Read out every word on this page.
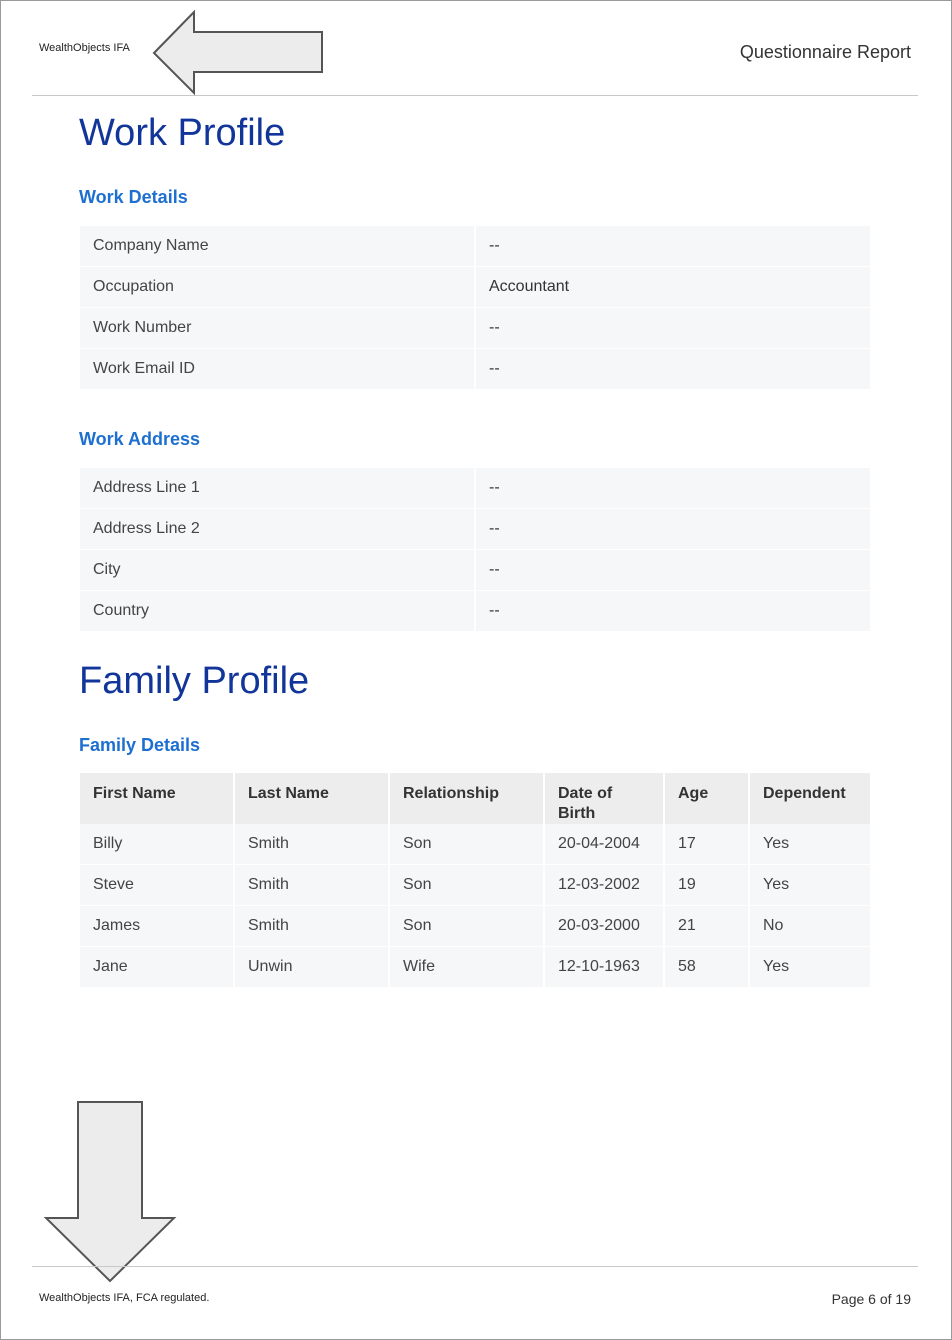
WealthObjects IFA	Questionnaire Report
Work Profile
Work Details
Company Name	--
Occupation	Accountant
Work Number	--
Work Email ID	--
Work Address
Address Line 1	--
Address Line 2	--
City	--
Country	--
Family Profile
Family Details
First Name	Last Name	Relationship	Date of Birth	Age	Dependent
Billy	Smith	Son	20-04-2004	17	Yes
Steve	Smith	Son	12-03-2002	19	Yes
James	Smith	Son	20-03-2000	21	No
Jane	Unwin	Wife	12-10-1963	58	Yes
WealthObjects IFA, FCA regulated.	Page 6 of 19
